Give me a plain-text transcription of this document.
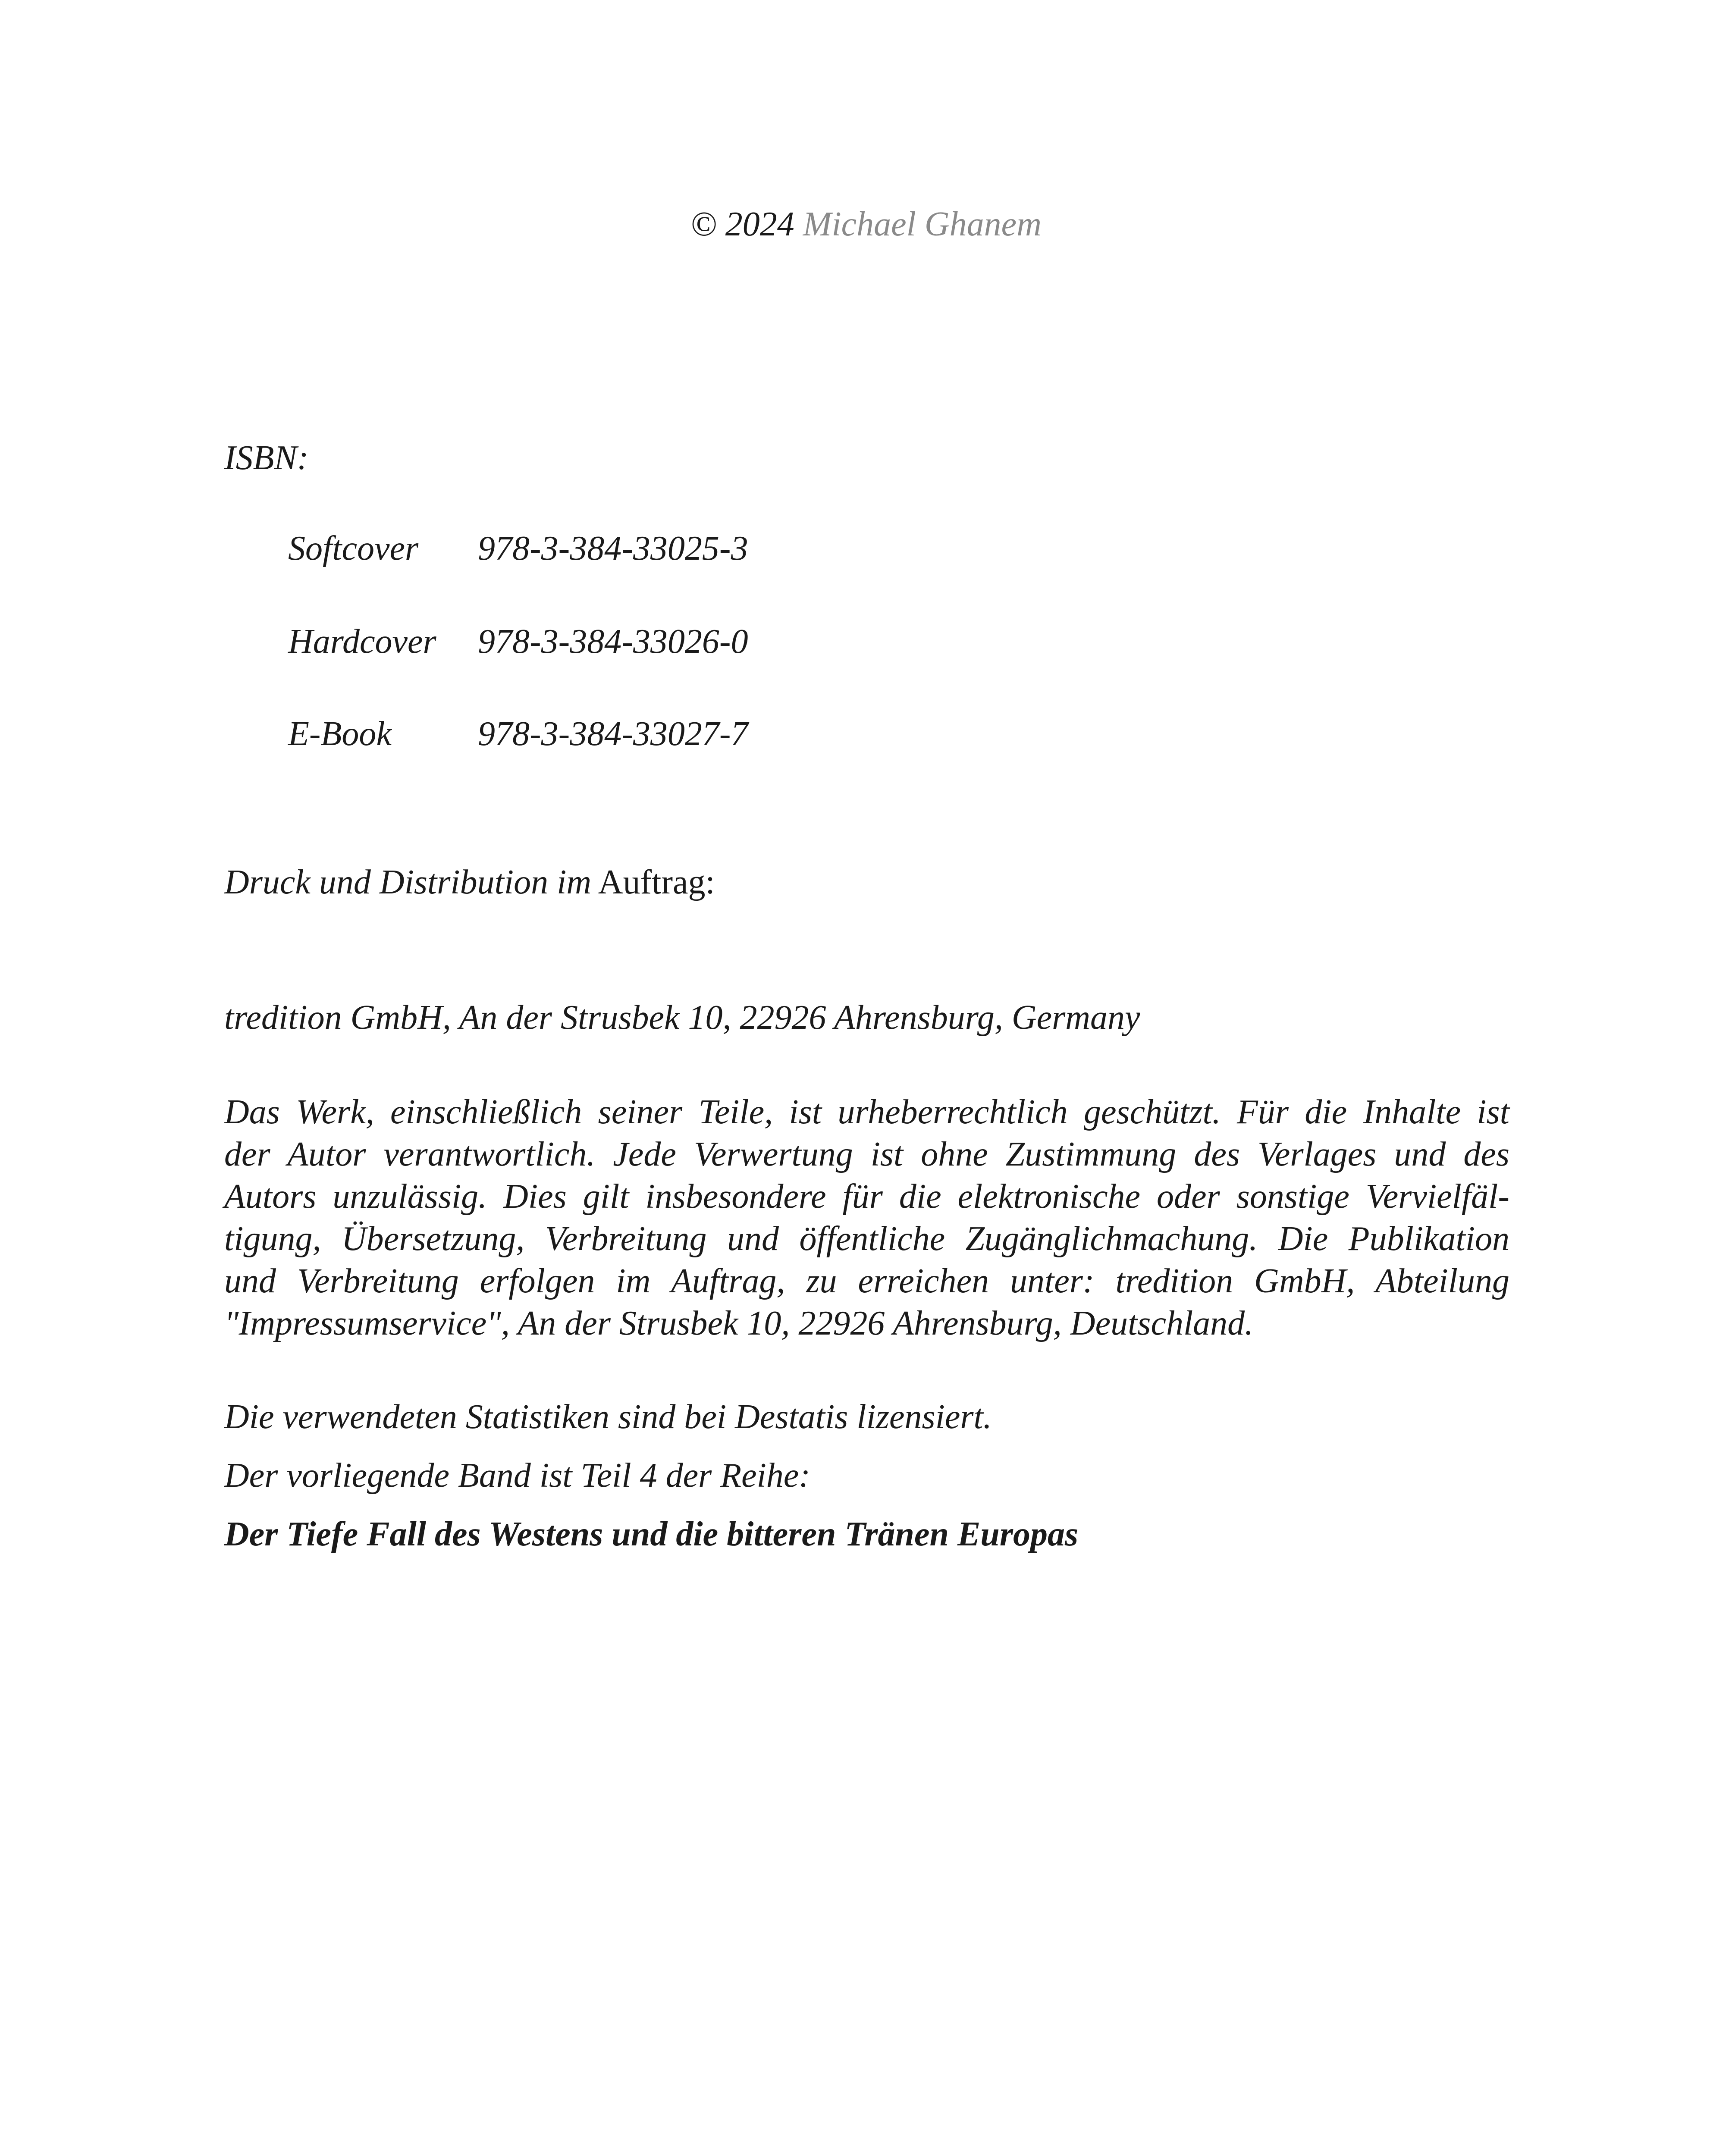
© 2024 Michael Ghanem
ISBN:
Softcover 978-3-384-33025-3
Hardcover 978-3-384-33026-0
E-Book	978-3-384-33027-7
Druck und Distribution im Auftrag:
tredition GmbH, An der Strusbek 10, 22926 Ahrensburg, Germany
Das Werk, einschließlich seiner Teile, ist urheberrechtlich geschützt. Für die Inhalte ist
der Autor verantwortlich. Jede Verwertung ist ohne Zustimmung des Verlages und des
Autors unzulässig. Dies gilt insbesondere für die elektronische oder sonstige Vervielfäl-
tigung, Übersetzung, Verbreitung und öffentliche Zugänglichmachung. Die Publikation
und Verbreitung erfolgen im Auftrag, zu erreichen unter: tredition GmbH, Abteilung
"Impressumservice", An der Strusbek 10, 22926 Ahrensburg, Deutschland.
Die verwendeten Statistiken sind bei Destatis lizensiert.
Der vorliegende Band ist Teil 4 der Reihe:
Der Tiefe Fall des Westens und die bitteren Tränen Europas
